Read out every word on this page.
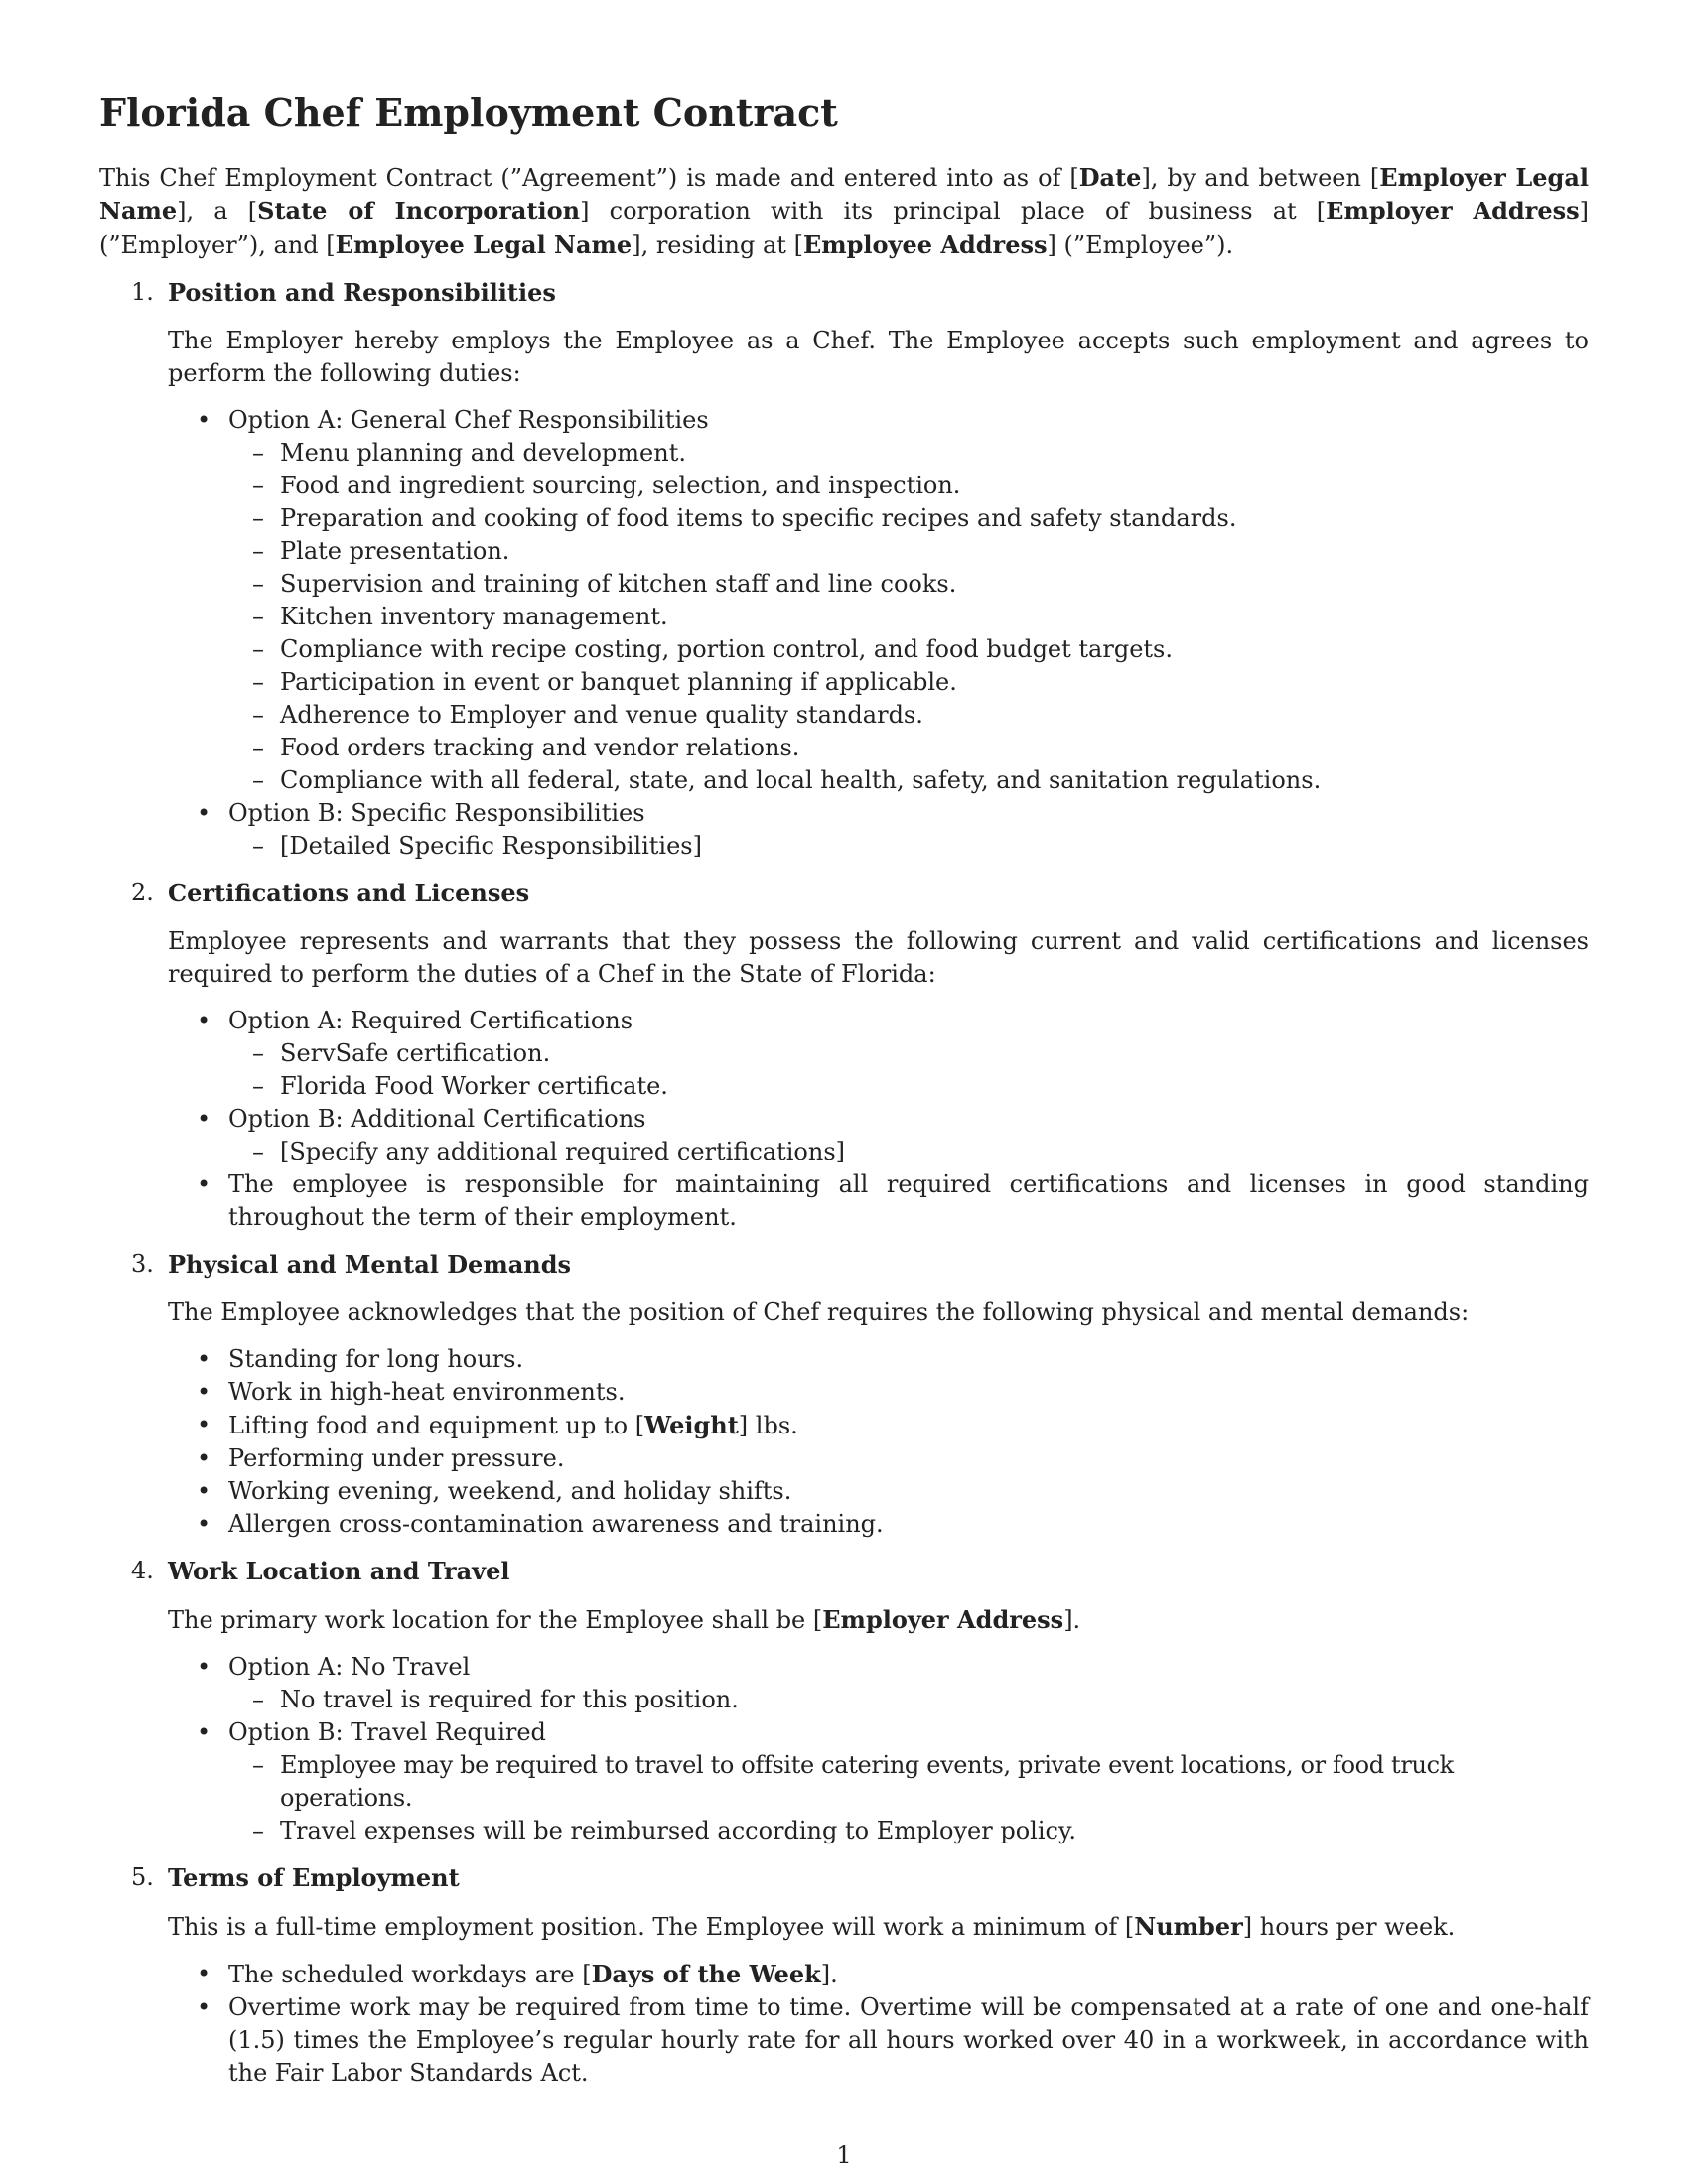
Florida Chef Employment Contract

This Chef Employment Contract (”Agreement”) is made and entered into as of [Date], by and between [Employer Legal Name], a [State of Incorporation] corporation with its principal place of business at [Employer Address] (”Employer”), and [Employee Legal Name], residing at [Employee Address] (”Employee”).

1. Position and Responsibilities

The Employer hereby employs the Employee as a Chef. The Employee accepts such employment and agrees to perform the following duties:

• Option A: General Chef Responsibilities
– Menu planning and development.
– Food and ingredient sourcing, selection, and inspection.
– Preparation and cooking of food items to specific recipes and safety standards.
– Plate presentation.
– Supervision and training of kitchen staff and line cooks.
– Kitchen inventory management.
– Compliance with recipe costing, portion control, and food budget targets.
– Participation in event or banquet planning if applicable.
– Adherence to Employer and venue quality standards.
– Food orders tracking and vendor relations.
– Compliance with all federal, state, and local health, safety, and sanitation regulations.
• Option B: Specific Responsibilities
– [Detailed Specific Responsibilities]
2. Certifications and Licenses

Employee represents and warrants that they possess the following current and valid certifications and licenses required to perform the duties of a Chef in the State of Florida:

• Option A: Required Certifications
– ServSafe certification.
– Florida Food Worker certificate.
• Option B: Additional Certifications
– [Specify any additional required certifications]
• The employee is responsible for maintaining all required certifications and licenses in good standing throughout the term of their employment.
3. Physical and Mental Demands

The Employee acknowledges that the position of Chef requires the following physical and mental demands:

• Standing for long hours.
• Work in high-heat environments.
• Lifting food and equipment up to [Weight] lbs.
• Performing under pressure.
• Working evening, weekend, and holiday shifts.
• Allergen cross-contamination awareness and training.
4. Work Location and Travel

The primary work location for the Employee shall be [Employer Address].

• Option A: No Travel
– No travel is required for this position.
• Option B: Travel Required
– Employee may be required to travel to offsite catering events, private event locations, or food truck operations.
– Travel expenses will be reimbursed according to Employer policy.
5. Terms of Employment

This is a full-time employment position. The Employee will work a minimum of [Number] hours per week.

• The scheduled workdays are [Days of the Week].
• Overtime work may be required from time to time. Overtime will be compensated at a rate of one and one-half (1.5) times the Employee’s regular hourly rate for all hours worked over 40 in a workweek, in accordance with the Fair Labor Standards Act.
1
